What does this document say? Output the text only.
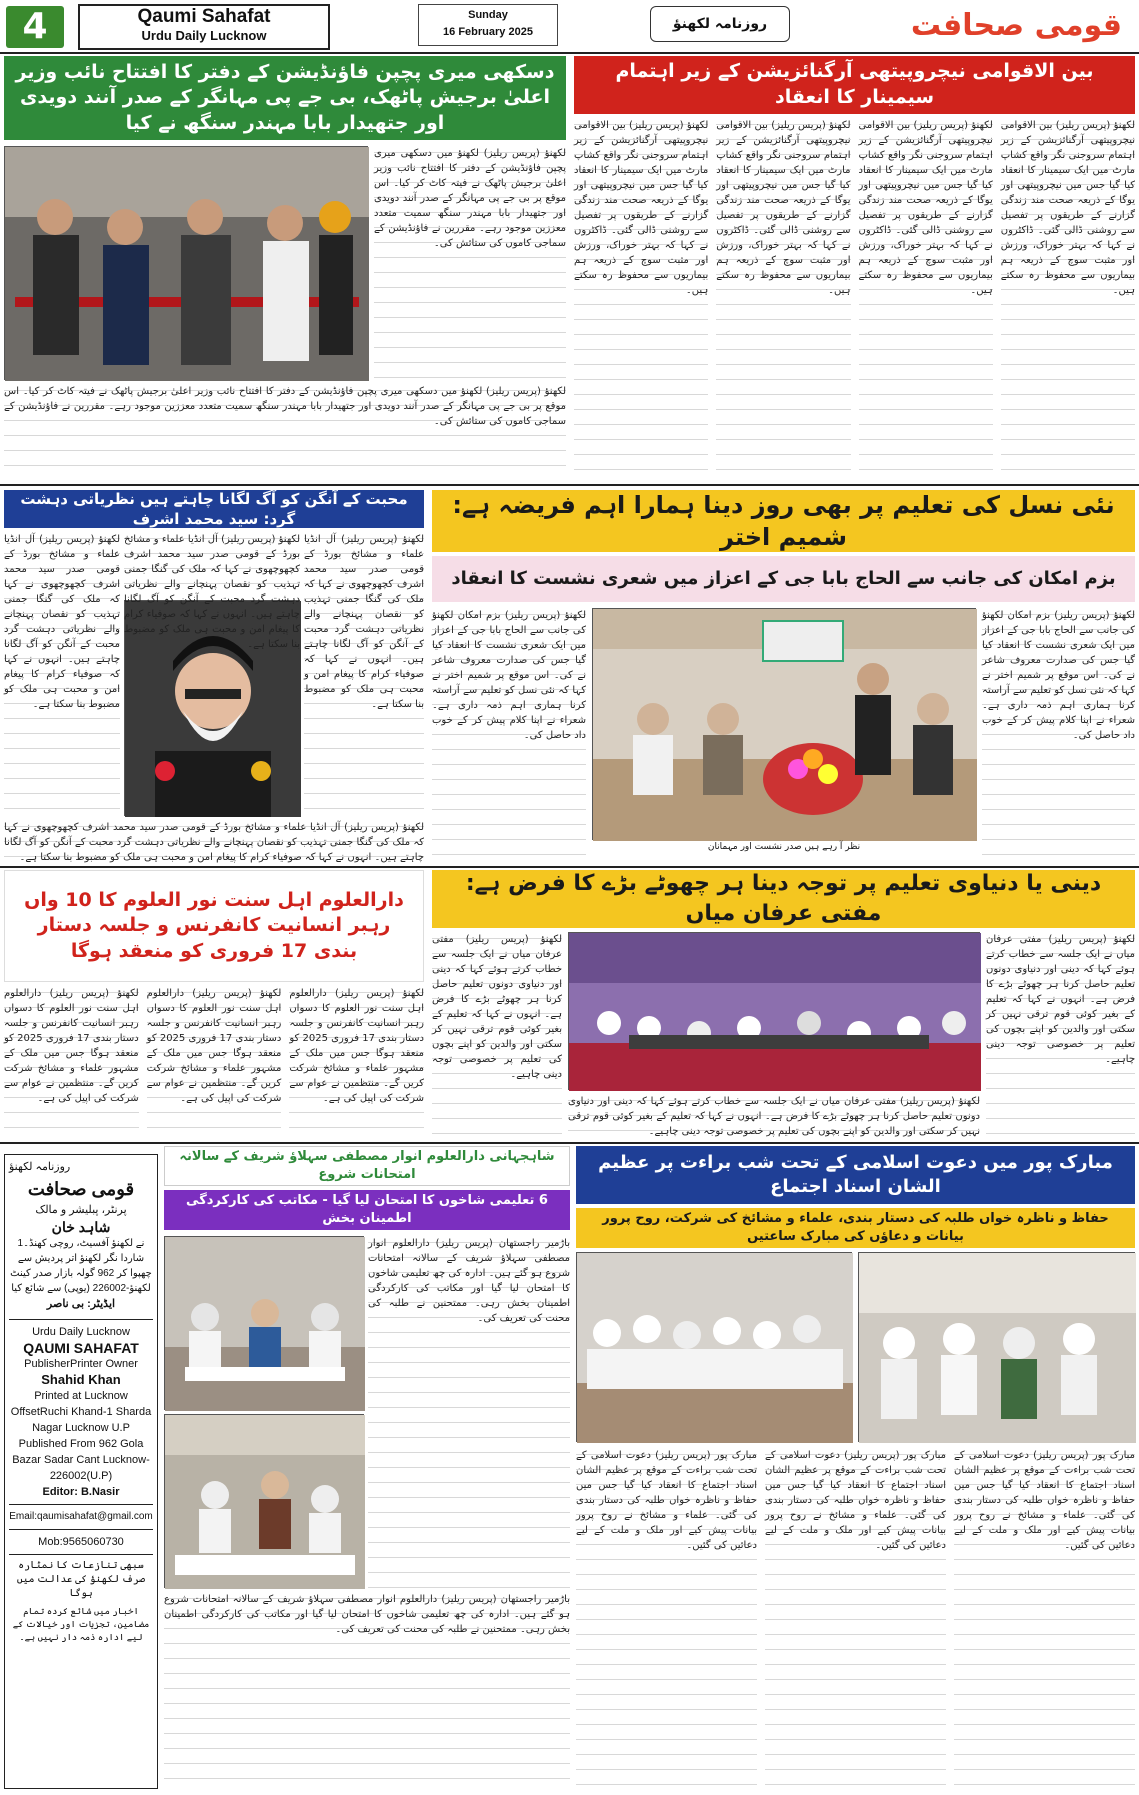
4	Qaumi Sahafat
Urdu Daily Lucknow
Sunday
16 February 2025	روزنامہ لکھنؤ	قومی صحافت
دسکھی میری پچپن فاؤنڈیشن کے دفتر کا افتتاح نائب وزیر اعلیٰ برجیش پاٹھک، بی جے پی مہانگر کے صدر آنند دویدی اور جتھیدار بابا مہندر سنگھ نے کیا
لکھنؤ (پریس ریلیز) لکھنؤ میں دسکھی میری پچپن فاؤنڈیشن کے دفتر کا افتتاح نائب وزیر اعلیٰ برجیش پاٹھک نے فیتہ کاٹ کر کیا۔ اس موقع پر بی جے پی مہانگر کے صدر آنند دویدی اور جتھیدار بابا مہندر سنگھ سمیت متعدد معززین موجود رہے۔ مقررین نے فاؤنڈیشن کے سماجی کاموں کی ستائش کی۔
لکھنؤ (پریس ریلیز) لکھنؤ میں دسکھی میری پچپن فاؤنڈیشن کے دفتر کا افتتاح نائب وزیر اعلیٰ برجیش پاٹھک نے فیتہ کاٹ کر کیا۔ اس موقع پر بی جے پی مہانگر کے صدر آنند دویدی اور جتھیدار بابا مہندر سنگھ سمیت متعدد معززین موجود رہے۔ مقررین نے فاؤنڈیشن کے سماجی کاموں کی ستائش کی۔
بین الاقوامی نیچروپیتھی آرگنائزیشن کے زیر اہتمام سیمینار کا انعقاد
لکھنؤ (پریس ریلیز) بین الاقوامی نیچروپیتھی آرگنائزیشن کے زیر اہتمام سروجنی نگر واقع کشاپ مارٹ میں ایک سیمینار کا انعقاد کیا گیا جس میں نیچروپیتھی اور یوگا کے ذریعہ صحت مند زندگی گزارنے کے طریقوں پر تفصیل سے روشنی ڈالی گئی۔ ڈاکٹروں نے کہا کہ بہتر خوراک، ورزش اور مثبت سوچ کے ذریعہ ہم بیماریوں سے محفوظ رہ سکتے ہیں۔
لکھنؤ (پریس ریلیز) بین الاقوامی نیچروپیتھی آرگنائزیشن کے زیر اہتمام سروجنی نگر واقع کشاپ مارٹ میں ایک سیمینار کا انعقاد کیا گیا جس میں نیچروپیتھی اور یوگا کے ذریعہ صحت مند زندگی گزارنے کے طریقوں پر تفصیل سے روشنی ڈالی گئی۔ ڈاکٹروں نے کہا کہ بہتر خوراک، ورزش اور مثبت سوچ کے ذریعہ ہم بیماریوں سے محفوظ رہ سکتے ہیں۔
لکھنؤ (پریس ریلیز) بین الاقوامی نیچروپیتھی آرگنائزیشن کے زیر اہتمام سروجنی نگر واقع کشاپ مارٹ میں ایک سیمینار کا انعقاد کیا گیا جس میں نیچروپیتھی اور یوگا کے ذریعہ صحت مند زندگی گزارنے کے طریقوں پر تفصیل سے روشنی ڈالی گئی۔ ڈاکٹروں نے کہا کہ بہتر خوراک، ورزش اور مثبت سوچ کے ذریعہ ہم بیماریوں سے محفوظ رہ سکتے ہیں۔
لکھنؤ (پریس ریلیز) بین الاقوامی نیچروپیتھی آرگنائزیشن کے زیر اہتمام سروجنی نگر واقع کشاپ مارٹ میں ایک سیمینار کا انعقاد کیا گیا جس میں نیچروپیتھی اور یوگا کے ذریعہ صحت مند زندگی گزارنے کے طریقوں پر تفصیل سے روشنی ڈالی گئی۔ ڈاکٹروں نے کہا کہ بہتر خوراک، ورزش اور مثبت سوچ کے ذریعہ ہم بیماریوں سے محفوظ رہ سکتے ہیں۔
محبت کے آنگن کو آگ لگانا چاہتے ہیں نظریاتی دہشت گرد: سید محمد اشرف
لکھنؤ (پریس ریلیز) آل انڈیا علماء و مشائخ بورڈ کے قومی صدر سید محمد اشرف کچھوچھوی نے کہا کہ ملک کی گنگا جمنی تہذیب کو نقصان پہنچانے والے نظریاتی دہشت گرد محبت کے آنگن کو آگ لگانا چاہتے ہیں۔ انہوں نے کہا کہ صوفیاء کرام کا پیغام امن و محبت ہی ملک کو مضبوط بنا سکتا ہے۔
لکھنؤ (پریس ریلیز) آل انڈیا علماء و مشائخ بورڈ کے قومی صدر سید محمد اشرف کچھوچھوی نے کہا کہ ملک کی گنگا جمنی تہذیب کو نقصان پہنچانے والے نظریاتی دہشت گرد محبت کے آنگن کو آگ لگانا چاہتے ہیں۔ انہوں نے کہا کہ صوفیاء کرام کا پیغام امن و محبت ہی ملک کو مضبوط بنا سکتا ہے۔
لکھنؤ (پریس ریلیز) آل انڈیا علماء و مشائخ بورڈ کے قومی صدر سید محمد اشرف کچھوچھوی نے کہا کہ ملک کی گنگا جمنی تہذیب کو نقصان پہنچانے والے نظریاتی دہشت گرد محبت کے آنگن کو آگ لگانا چاہتے ہیں۔ انہوں نے کہا کہ صوفیاء کرام کا پیغام امن و محبت ہی ملک کو مضبوط بنا سکتا ہے۔
لکھنؤ (پریس ریلیز) آل انڈیا علماء و مشائخ بورڈ کے قومی صدر سید محمد اشرف کچھوچھوی نے کہا کہ ملک کی گنگا جمنی تہذیب کو نقصان پہنچانے والے نظریاتی دہشت گرد محبت کے آنگن کو آگ لگانا چاہتے ہیں۔ انہوں نے کہا کہ صوفیاء کرام کا پیغام امن و محبت ہی ملک کو مضبوط بنا سکتا ہے۔
نئی نسل کی تعلیم پر بھی روز دینا ہمارا اہم فریضہ ہے: شمیم اختر
بزم امکان کی جانب سے الحاج بابا جی کے اعزاز میں شعری نشست کا انعقاد
نظر آ رہے ہیں صدر نشست اور مہمانان
لکھنؤ (پریس ریلیز) بزم امکان لکھنؤ کی جانب سے الحاج بابا جی کے اعزاز میں ایک شعری نشست کا انعقاد کیا گیا جس کی صدارت معروف شاعر نے کی۔ اس موقع پر شمیم اختر نے کہا کہ نئی نسل کو تعلیم سے آراستہ کرنا ہماری اہم ذمہ داری ہے۔ شعراء نے اپنا کلام پیش کر کے خوب داد حاصل کی۔
لکھنؤ (پریس ریلیز) بزم امکان لکھنؤ کی جانب سے الحاج بابا جی کے اعزاز میں ایک شعری نشست کا انعقاد کیا گیا جس کی صدارت معروف شاعر نے کی۔ اس موقع پر شمیم اختر نے کہا کہ نئی نسل کو تعلیم سے آراستہ کرنا ہماری اہم ذمہ داری ہے۔ شعراء نے اپنا کلام پیش کر کے خوب داد حاصل کی۔
دارالعلوم اہل سنت نور العلوم کا 10 واں رہبر انسانیت کانفرنس و جلسہ دستار بندی 17 فروری کو منعقد ہوگا
لکھنؤ (پریس ریلیز) دارالعلوم اہل سنت نور العلوم کا دسواں رہبر انسانیت کانفرنس و جلسہ دستار بندی 17 فروری 2025 کو منعقد ہوگا جس میں ملک کے مشہور علماء و مشائخ شرکت کریں گے۔ منتظمین نے عوام سے شرکت کی اپیل کی ہے۔
لکھنؤ (پریس ریلیز) دارالعلوم اہل سنت نور العلوم کا دسواں رہبر انسانیت کانفرنس و جلسہ دستار بندی 17 فروری 2025 کو منعقد ہوگا جس میں ملک کے مشہور علماء و مشائخ شرکت کریں گے۔ منتظمین نے عوام سے شرکت کی اپیل کی ہے۔
لکھنؤ (پریس ریلیز) دارالعلوم اہل سنت نور العلوم کا دسواں رہبر انسانیت کانفرنس و جلسہ دستار بندی 17 فروری 2025 کو منعقد ہوگا جس میں ملک کے مشہور علماء و مشائخ شرکت کریں گے۔ منتظمین نے عوام سے شرکت کی اپیل کی ہے۔
دینی یا دنیاوی تعلیم پر توجہ دینا ہر چھوٹے بڑے کا فرض ہے: مفتی عرفان میاں
لکھنؤ (پریس ریلیز) مفتی عرفان میاں نے ایک جلسہ سے خطاب کرتے ہوئے کہا کہ دینی اور دنیاوی دونوں تعلیم حاصل کرنا ہر چھوٹے بڑے کا فرض ہے۔ انہوں نے کہا کہ تعلیم کے بغیر کوئی قوم ترقی نہیں کر سکتی اور والدین کو اپنے بچوں کی تعلیم پر خصوصی توجہ دینی چاہیے۔
لکھنؤ (پریس ریلیز) مفتی عرفان میاں نے ایک جلسہ سے خطاب کرتے ہوئے کہا کہ دینی اور دنیاوی دونوں تعلیم حاصل کرنا ہر چھوٹے بڑے کا فرض ہے۔ انہوں نے کہا کہ تعلیم کے بغیر کوئی قوم ترقی نہیں کر سکتی اور والدین کو اپنے بچوں کی تعلیم پر خصوصی توجہ دینی چاہیے۔
لکھنؤ (پریس ریلیز) مفتی عرفان میاں نے ایک جلسہ سے خطاب کرتے ہوئے کہا کہ دینی اور دنیاوی دونوں تعلیم حاصل کرنا ہر چھوٹے بڑے کا فرض ہے۔ انہوں نے کہا کہ تعلیم کے بغیر کوئی قوم ترقی نہیں کر سکتی اور والدین کو اپنے بچوں کی تعلیم پر خصوصی توجہ دینی چاہیے۔
روزنامہ لکھنؤ
قومی صحافت
پرنٹر، پبلیشر و مالک
شاہد خان
نے لکھنؤ آفسیٹ، روچی کھنڈ۔1 شاردا نگر لکھنؤ اتر پردیش سے چھپوا کر 962 گولہ بازار صدر کینٹ لکھنؤ-226002 (یوپی) سے شائع کیا
ایڈیٹر: بی ناصر
Urdu Daily Lucknow
QAUMI SAHAFAT
PublisherPrinter Owner
Shahid Khan
Printed at Lucknow OffsetRuchi Khand-1 Sharda Nagar Lucknow U.P
Published From 962 Gola Bazar Sadar Cant Lucknow-226002(U.P)
Editor: B.Nasir
Email:qaumisahafat@gmail.com
Mob:9565060730
سبھی تنازعات کا نمٹارہ صرف لکھنؤ کی عدالت میں ہوگا
اخبار میں شائع کردہ تمام مضامین، تجزیات اور خیالات کے لیے ادارہ ذمہ دار نہیں ہے۔
شاہجہانی دارالعلوم انوار مصطفی سہلاؤ شریف کے سالانہ امتحانات شروع
6 تعلیمی شاخوں کا امتحان لیا گیا - مکاتب کی کارکردگی اطمینان بخش
باڑمیر راجستھان (پریس ریلیز) دارالعلوم انوار مصطفی سہلاؤ شریف کے سالانہ امتحانات شروع ہو گئے ہیں۔ ادارہ کی چھ تعلیمی شاخوں کا امتحان لیا گیا اور مکاتب کی کارکردگی اطمینان بخش رہی۔ ممتحنین نے طلبہ کی محنت کی تعریف کی۔
باڑمیر راجستھان (پریس ریلیز) دارالعلوم انوار مصطفی سہلاؤ شریف کے سالانہ امتحانات شروع ہو گئے ہیں۔ ادارہ کی چھ تعلیمی شاخوں کا امتحان لیا گیا اور مکاتب کی کارکردگی اطمینان بخش رہی۔ ممتحنین نے طلبہ کی محنت کی تعریف کی۔
مبارک پور میں دعوت اسلامی کے تحت شب براءت پر عظیم الشان اسناد اجتماع
حفاظ و ناظرہ خواں طلبہ کی دستار بندی، علماء و مشائخ کی شرکت، روح پرور بیانات و دعاؤں کی مبارک ساعتیں
مبارک پور (پریس ریلیز) دعوت اسلامی کے تحت شب براءت کے موقع پر عظیم الشان اسناد اجتماع کا انعقاد کیا گیا جس میں حفاظ و ناظرہ خواں طلبہ کی دستار بندی کی گئی۔ علماء و مشائخ نے روح پرور بیانات پیش کیے اور ملک و ملت کے لیے دعائیں کی گئیں۔
مبارک پور (پریس ریلیز) دعوت اسلامی کے تحت شب براءت کے موقع پر عظیم الشان اسناد اجتماع کا انعقاد کیا گیا جس میں حفاظ و ناظرہ خواں طلبہ کی دستار بندی کی گئی۔ علماء و مشائخ نے روح پرور بیانات پیش کیے اور ملک و ملت کے لیے دعائیں کی گئیں۔
مبارک پور (پریس ریلیز) دعوت اسلامی کے تحت شب براءت کے موقع پر عظیم الشان اسناد اجتماع کا انعقاد کیا گیا جس میں حفاظ و ناظرہ خواں طلبہ کی دستار بندی کی گئی۔ علماء و مشائخ نے روح پرور بیانات پیش کیے اور ملک و ملت کے لیے دعائیں کی گئیں۔
